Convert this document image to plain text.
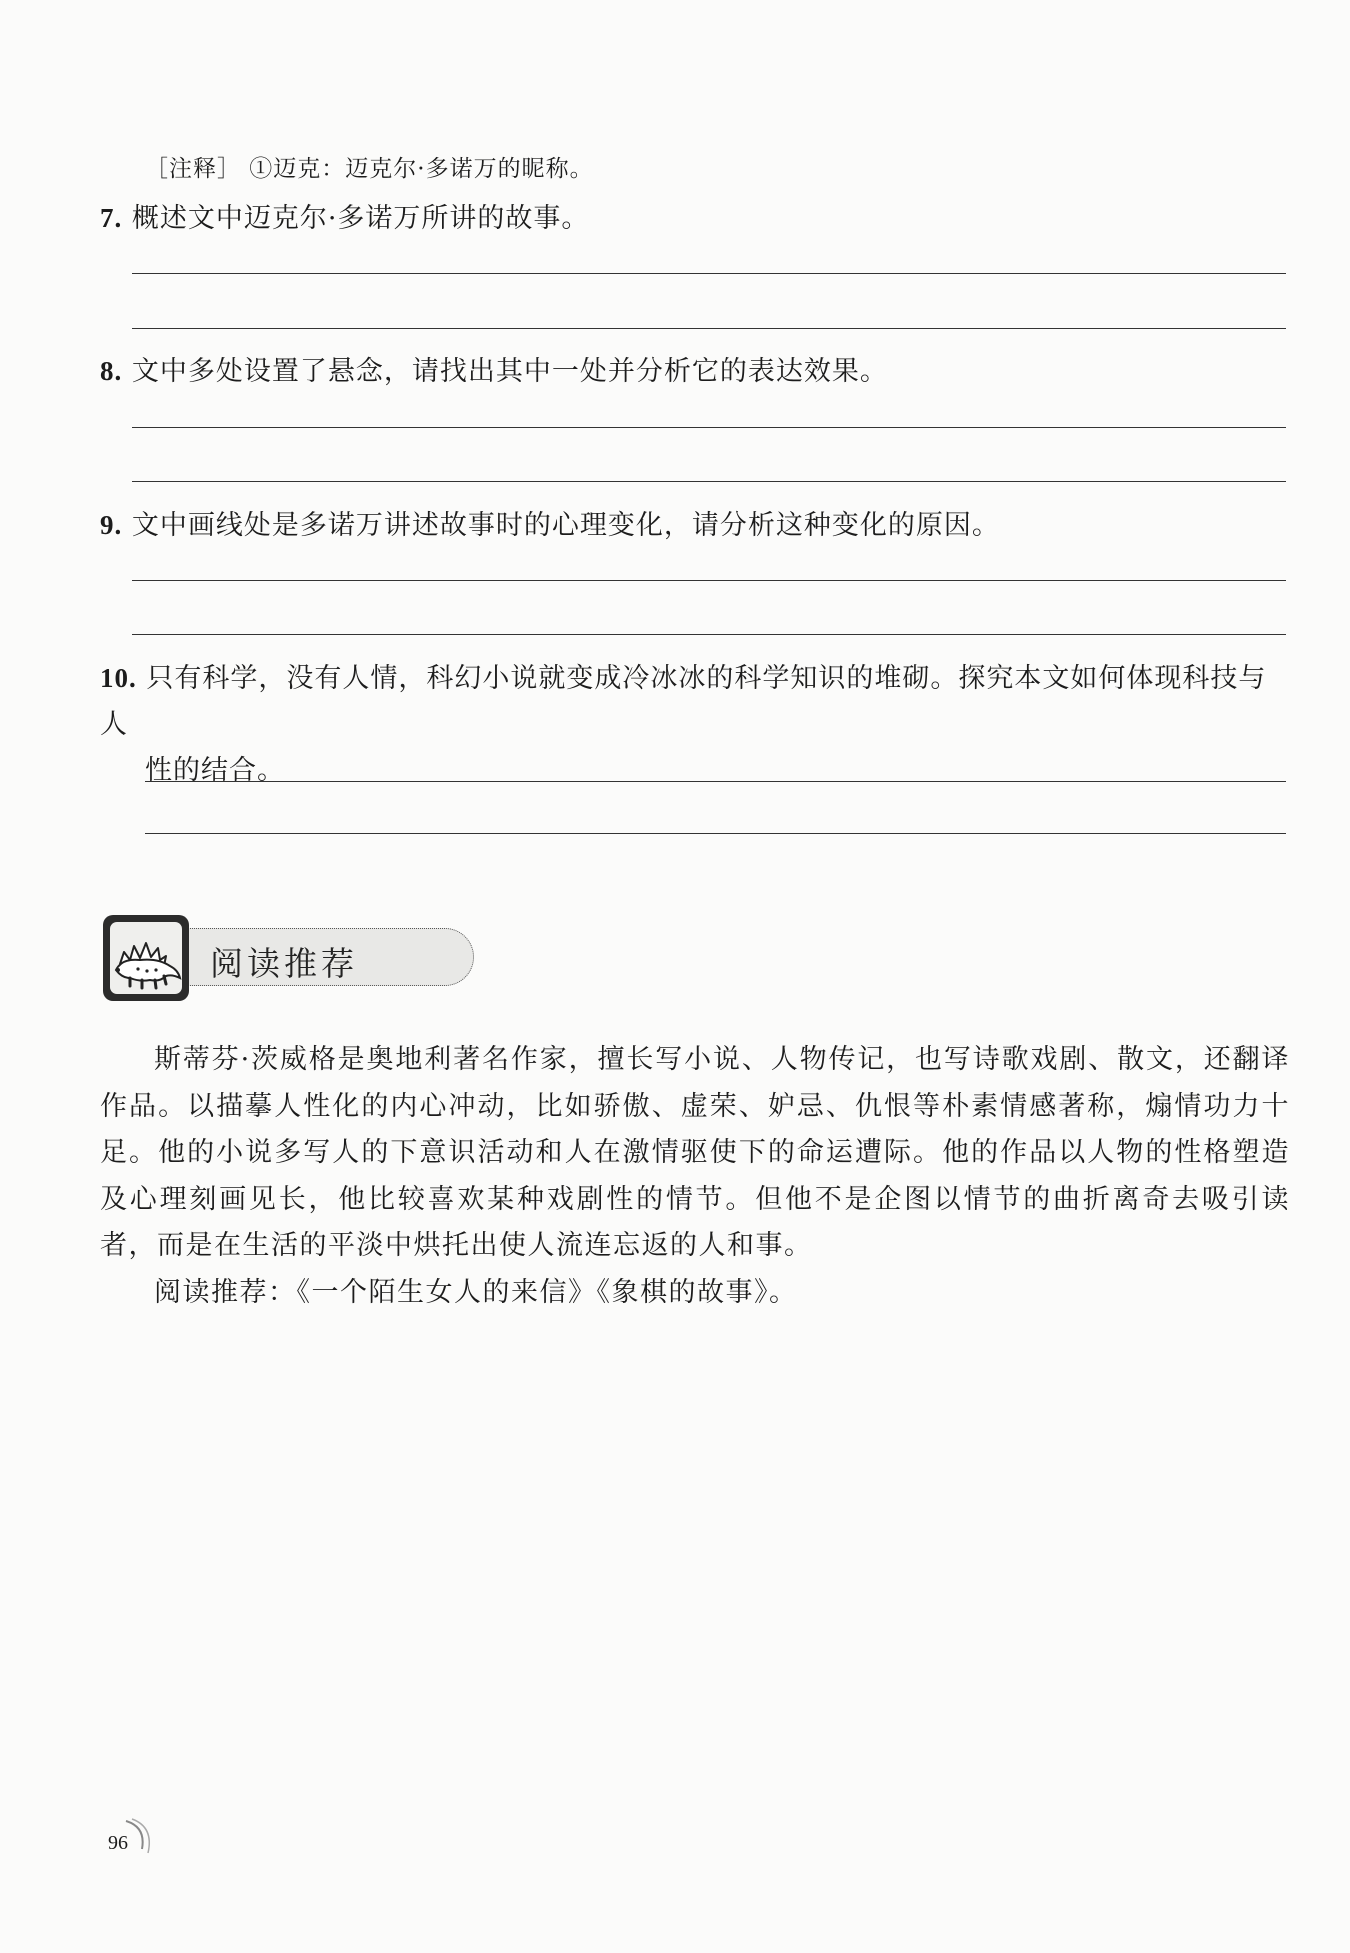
［注释］ ①迈克：迈克尔·多诺万的昵称。
7. 概述文中迈克尔·多诺万所讲的故事。
8. 文中多处设置了悬念，请找出其中一处并分析它的表达效果。
9. 文中画线处是多诺万讲述故事时的心理变化，请分析这种变化的原因。
10. 只有科学，没有人情，科幻小说就变成冷冰冰的科学知识的堆砌。探究本文如何体现科技与人
性的结合。
阅读推荐

斯蒂芬·茨威格是奥地利著名作家，擅长写小说、人物传记，也写诗歌戏剧、散文，还翻译作品。以描摹人性化的内心冲动，比如骄傲、虚荣、妒忌、仇恨等朴素情感著称，煽情功力十足。他的小说多写人的下意识活动和人在激情驱使下的命运遭际。他的作品以人物的性格塑造及心理刻画见长，他比较喜欢某种戏剧性的情节。但他不是企图以情节的曲折离奇去吸引读者，而是在生活的平淡中烘托出使人流连忘返的人和事。

阅读推荐：《一个陌生女人的来信》《象棋的故事》。

96
